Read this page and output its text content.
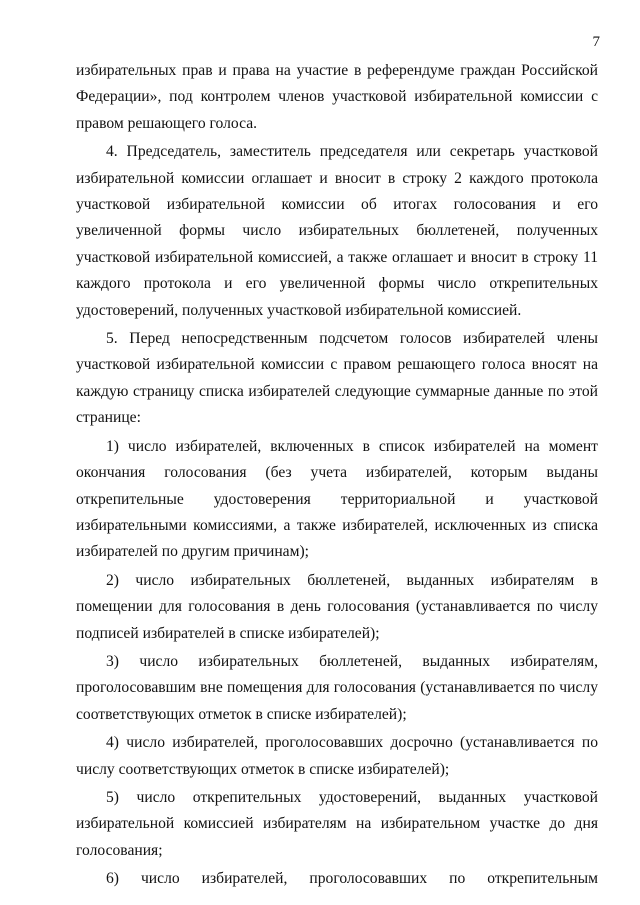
7

избирательных прав и права на участие в референдуме граждан Российской Федерации», под контролем членов участковой избирательной комиссии с правом решающего голоса.

4. Председатель, заместитель председателя или секретарь участковой избирательной комиссии оглашает и вносит в строку 2 каждого протокола участковой избирательной комиссии об итогах голосования и его увеличенной формы число избирательных бюллетеней, полученных участковой избирательной комиссией, а также оглашает и вносит в строку 11 каждого протокола и его увеличенной формы число открепительных удостоверений, полученных участковой избирательной комиссией.

5. Перед непосредственным подсчетом голосов избирателей члены участковой избирательной комиссии с правом решающего голоса вносят на каждую страницу списка избирателей следующие суммарные данные по этой странице:

1) число избирателей, включенных в список избирателей на момент окончания голосования (без учета избирателей, которым выданы открепительные удостоверения территориальной и участковой избирательными комиссиями, а также избирателей, исключенных из списка избирателей по другим причинам);

2) число избирательных бюллетеней, выданных избирателям в помещении для голосования в день голосования (устанавливается по числу подписей избирателей в списке избирателей);

3) число избирательных бюллетеней, выданных избирателям, проголосовавшим вне помещения для голосования (устанавливается по числу соответствующих отметок в списке избирателей);

4) число избирателей, проголосовавших досрочно (устанавливается по числу соответствующих отметок в списке избирателей);

5) число открепительных удостоверений, выданных участковой избирательной комиссией избирателям на избирательном участке до дня голосования;

6) число избирателей, проголосовавших по открепительным
